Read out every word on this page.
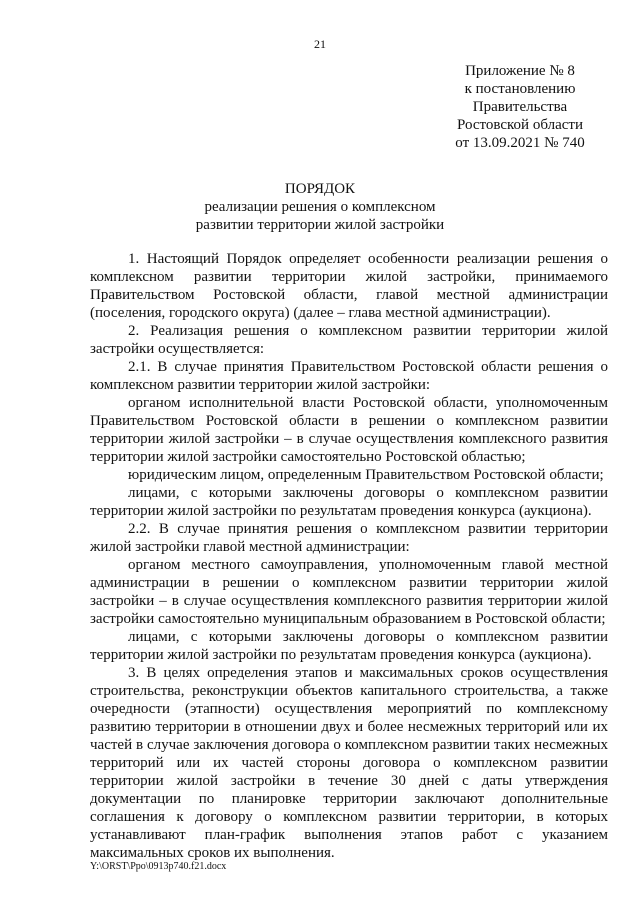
21
Приложение № 8
к постановлению
Правительства
Ростовской области
от 13.09.2021 № 740
ПОРЯДОК
реализации решения о комплексном
развитии территории жилой застройки

1. Настоящий Порядок определяет особенности реализации решения о комплексном развитии территории жилой застройки, принимаемого Правительством Ростовской области, главой местной администрации (поселения, городского округа) (далее – глава местной администрации).

2. Реализация решения о комплексном развитии территории жилой застройки осуществляется:

2.1. В случае принятия Правительством Ростовской области решения о комплексном развитии территории жилой застройки:

органом исполнительной власти Ростовской области, уполномоченным Правительством Ростовской области в решении о комплексном развитии территории жилой застройки – в случае осуществления комплексного развития территории жилой застройки самостоятельно Ростовской областью;

юридическим лицом, определенным Правительством Ростовской области;

лицами, с которыми заключены договоры о комплексном развитии территории жилой застройки по результатам проведения конкурса (аукциона).

2.2. В случае принятия решения о комплексном развитии территории жилой застройки главой местной администрации:

органом местного самоуправления, уполномоченным главой местной администрации в решении о комплексном развитии территории жилой застройки – в случае осуществления комплексного развития территории жилой застройки самостоятельно муниципальным образованием в Ростовской области;

лицами, с которыми заключены договоры о комплексном развитии территории жилой застройки по результатам проведения конкурса (аукциона).

3. В целях определения этапов и максимальных сроков осуществления строительства, реконструкции объектов капитального строительства, а также очередности (этапности) осуществления мероприятий по комплексному развитию территории в отношении двух и более несмежных территорий или их частей в случае заключения договора о комплексном развитии таких несмежных территорий или их частей стороны договора о комплексном развитии территории жилой застройки в течение 30 дней с даты утверждения документации по планировке территории заключают дополнительные соглашения к договору о комплексном развитии территории, в которых устанавливают план-график выполнения этапов работ с указанием максимальных сроков их выполнения.

Y:\ORST\Ppo\0913p740.f21.docx
